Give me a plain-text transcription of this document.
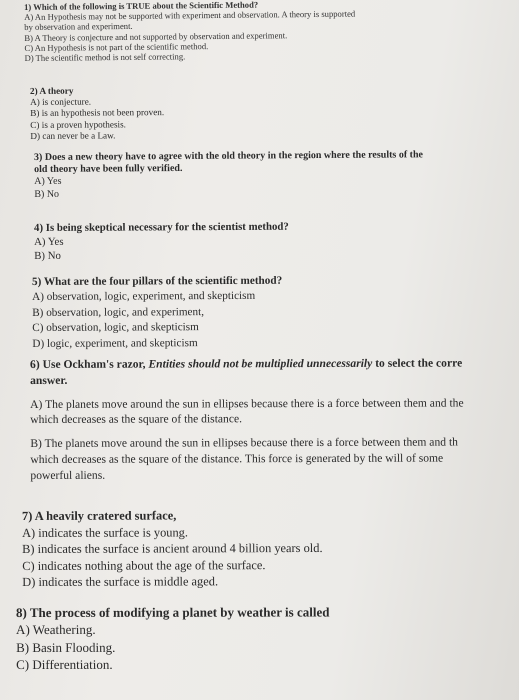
1) Which of the following is TRUE about the Scientific Method?

A) An Hypothesis may not be supported with experiment and observation. A theory is supported

by observation and experiment.

B) A Theory is conjecture and not supported by observation and experiment.

C) An Hypothesis is not part of the scientific method.

D) The scientific method is not self correcting.

2) A theory

A) is conjecture.

B) is an hypothesis not been proven.

C) is a proven hypothesis.

D) can never be a Law.

3) Does a new theory have to agree with the old theory in the region where the results of the

old theory have been fully verified.

A) Yes

B) No

4) Is being skeptical necessary for the scientist method?

A) Yes

B) No

5) What are the four pillars of the scientific method?

A) observation, logic, experiment, and skepticism

B) observation, logic, and experiment,

C) observation, logic, and skepticism

D) logic, experiment, and skepticism

6) Use Ockham's razor, Entities should not be multiplied unnecessarily to select the corre

answer.

A) The planets move around the sun in ellipses because there is a force between them and the

which decreases as the square of the distance.

B) The planets move around the sun in ellipses because there is a force between them and th

which decreases as the square of the distance. This force is generated by the will of some

powerful aliens.

7) A heavily cratered surface,

A) indicates the surface is young.

B) indicates the surface is ancient around 4 billion years old.

C) indicates nothing about the age of the surface.

D) indicates the surface is middle aged.

8) The process of modifying a planet by weather is called

A) Weathering.

B) Basin Flooding.

C) Differentiation.
